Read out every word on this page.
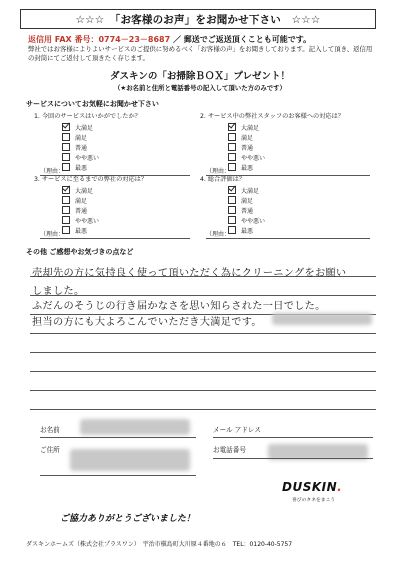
☆☆☆　「お客様のお声」をお聞かせ下さい　☆☆☆
返信用 FAX 番号：0774－23－8687 ／ 郵送でご返送頂くことも可能です。
弊社ではお客様によりよいサービスのご提供に努めるべく「お客様の声」をお聞きしております。記入して頂き、返信用の封筒にてご返付して頂きたく存じます。
ダスキンの「お掃除ＢＯＸ」プレゼント！
（★お名前と住所と電話番号の記入して頂いた方のみです）
サービスについてお気軽にお聞かせ下さい
1. 今回のサービスはいかがでしたか？
大満足
満足
普通
やや悪い
最悪
（理由：
2. サービス中の弊社スタッフのお客様への対応は？
大満足
満足
普通
やや悪い
最悪
（理由：
3. サービスに至るまでの弊社の対応は？
大満足
満足
普通
やや悪い
最悪
（理由：
4. 総合評価は？
大満足
満足
普通
やや悪い
最悪
（理由：
その他 ご感想やお気づきの点など
売却先の方に気持良く使って頂いただく為にクリーニングをお願い
しました。
ふだんのそうじの行き届かなさを思い知らされた一日でした。
担当の方にも大よろこんでいただき大満足です。
お名前	メール アドレス
ご住所	お電話番号
DUSKIN.
喜びのタネをまこう
ご協力ありがとうございました！
ダスキンホームズ（株式会社プラスワン）　宇治市槇島町大川原４番地の６　TEL：0120-40-5757
